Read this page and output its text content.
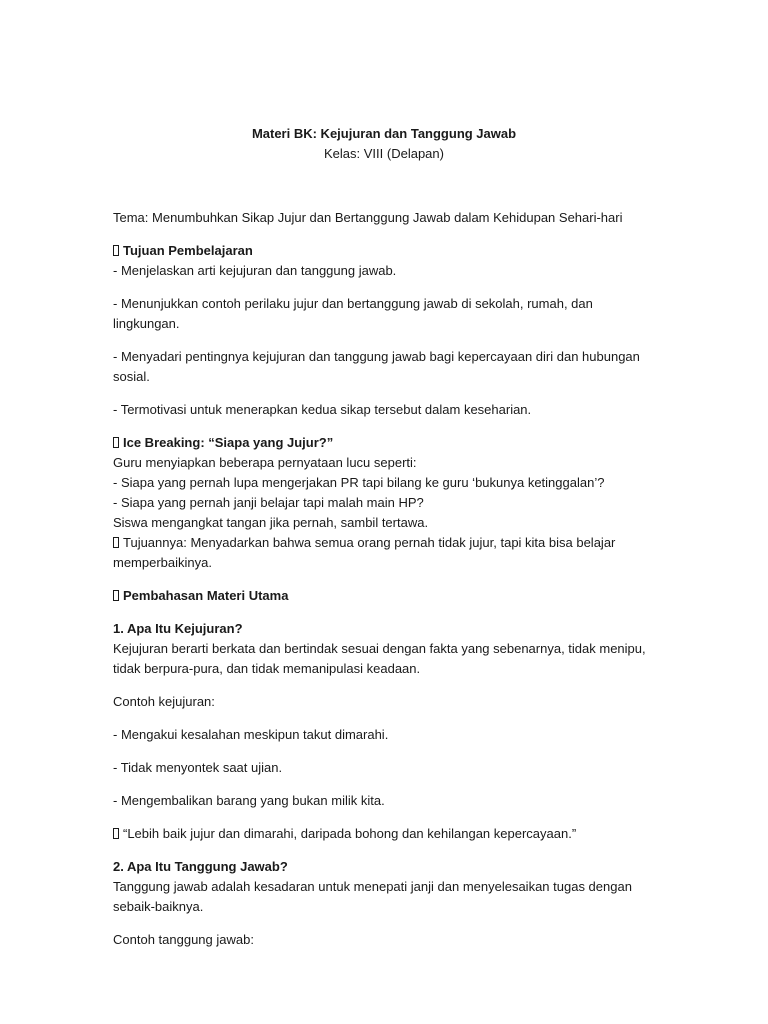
Materi BK: Kejujuran dan Tanggung Jawab
Kelas: VIII (Delapan)

Tema: Menumbuhkan Sikap Jujur dan Bertanggung Jawab dalam Kehidupan Sehari-hari

Tujuan Pembelajaran

- Menjelaskan arti kejujuran dan tanggung jawab.

- Menunjukkan contoh perilaku jujur dan bertanggung jawab di sekolah, rumah, dan lingkungan.

- Menyadari pentingnya kejujuran dan tanggung jawab bagi kepercayaan diri dan hubungan sosial.

- Termotivasi untuk menerapkan kedua sikap tersebut dalam keseharian.

Ice Breaking: “Siapa yang Jujur?”
Guru menyiapkan beberapa pernyataan lucu seperti:
- Siapa yang pernah lupa mengerjakan PR tapi bilang ke guru ‘bukunya ketinggalan’?
- Siapa yang pernah janji belajar tapi malah main HP?
Siswa mengangkat tangan jika pernah, sambil tertawa.

Tujuannya: Menyadarkan bahwa semua orang pernah tidak jujur, tapi kita bisa belajar memperbaikinya.

Pembahasan Materi Utama

1. Apa Itu Kejujuran?

Kejujuran berarti berkata dan bertindak sesuai dengan fakta yang sebenarnya, tidak menipu, tidak berpura-pura, dan tidak memanipulasi keadaan.

Contoh kejujuran:

- Mengakui kesalahan meskipun takut dimarahi.

- Tidak menyontek saat ujian.

- Mengembalikan barang yang bukan milik kita.

“Lebih baik jujur dan dimarahi, daripada bohong dan kehilangan kepercayaan.”

2. Apa Itu Tanggung Jawab?

Tanggung jawab adalah kesadaran untuk menepati janji dan menyelesaikan tugas dengan sebaik-baiknya.

Contoh tanggung jawab:
